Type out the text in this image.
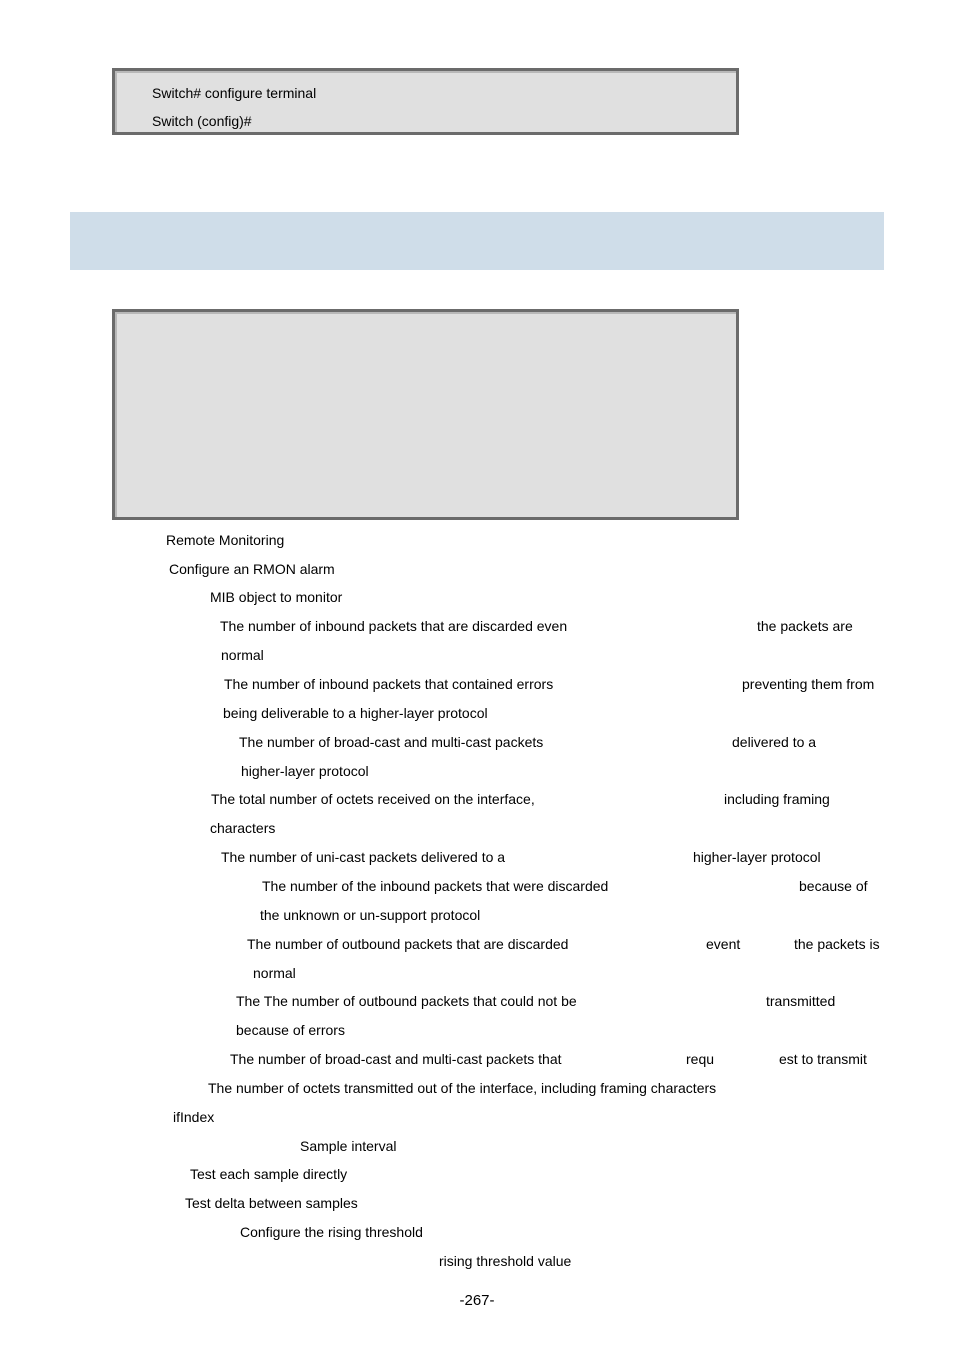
Switch# configure terminal
Switch (config)#
Remote Monitoring
Configure an RMON alarm
MIB object to monitor
The number of inbound packets that are discarded even	the packets are
normal
The number of inbound packets that contained errors	preventing them from
being deliverable to a higher-layer protocol
The number of broad-cast and multi-cast packets	delivered to a
higher-layer protocol
The total number of octets received on the interface,	including framing
characters
The number of uni-cast packets delivered to a	higher-layer protocol
The number of the inbound packets that were discarded	because of
the unknown or un-support protocol
The number of outbound packets that are discarded	event	the packets is
normal
The The number of outbound packets that could not be	transmitted
because of errors
The number of broad-cast and multi-cast packets that	requ	est to transmit
The number of octets transmitted out of the interface, including framing characters
ifIndex
Sample interval
Test each sample directly
Test delta between samples
Configure the rising threshold
rising threshold value
-267-
